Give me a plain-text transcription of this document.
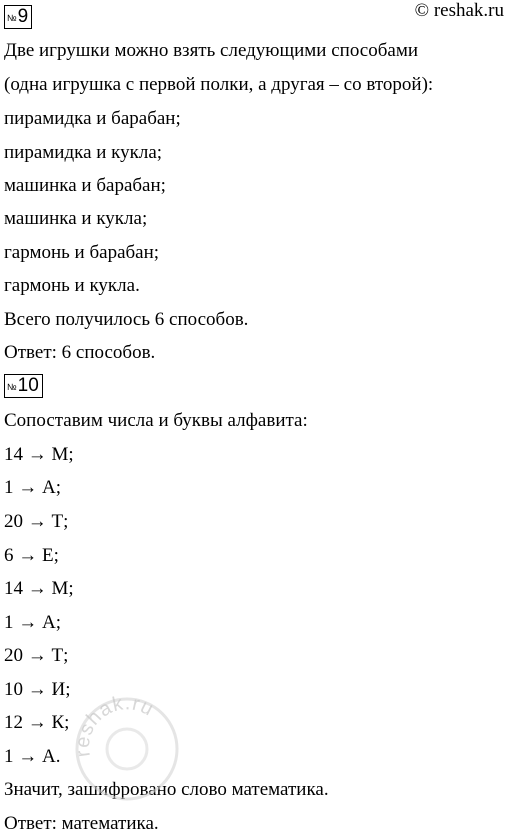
© reshak.ru
№ 9
Две игрушки можно взять следующими способами
(одна игрушка с первой полки, а другая – со второй):
пирамидка и барабан;
пирамидка и кукла;
машинка и барабан;
машинка и кукла;
гармонь и барабан;
гармонь и кукла.
Всего получилось 6 способов.
Ответ: 6 способов.
№ 10
Сопоставим числа и буквы алфавита:
14 → М;
1 → А;
20 → Т;
6 → Е;
14 → М;
1 → А;
20 → Т;
10 → И;
12 → К;
1 → А.
Значит, зашифровано слово математика.
Ответ: математика.
reshak.ru
